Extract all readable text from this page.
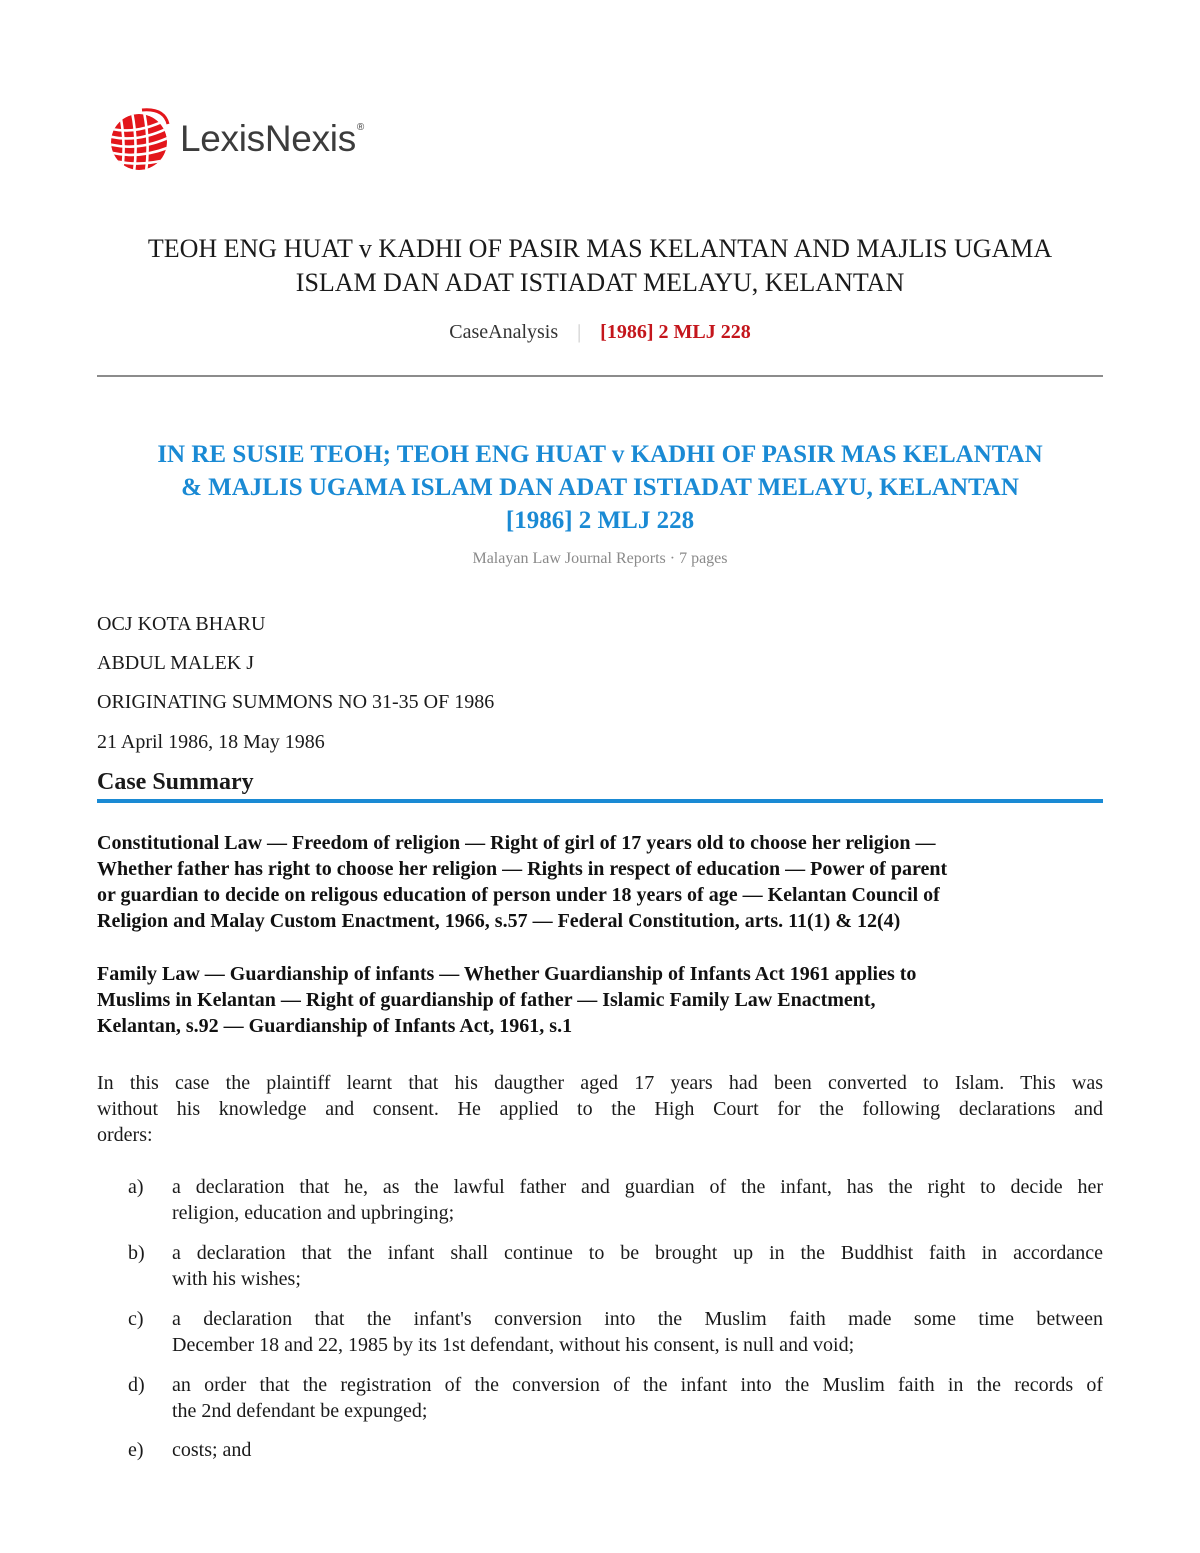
LexisNexis®
TEOH ENG HUAT v KADHI OF PASIR MAS KELANTAN AND MAJLIS UGAMA
ISLAM DAN ADAT ISTIADAT MELAYU, KELANTAN
CaseAnalysis | [1986] 2 MLJ 228
IN RE SUSIE TEOH; TEOH ENG HUAT v KADHI OF PASIR MAS KELANTAN
& MAJLIS UGAMA ISLAM DAN ADAT ISTIADAT MELAYU, KELANTAN
[1986] 2 MLJ 228
Malayan Law Journal Reports · 7 pages
OCJ KOTA BHARU
ABDUL MALEK J
ORIGINATING SUMMONS NO 31-35 OF 1986
21 April 1986, 18 May 1986
Case Summary
Constitutional Law — Freedom of religion — Right of girl of 17 years old to choose her religion —
Whether father has right to choose her religion — Rights in respect of education — Power of parent
or guardian to decide on religous education of person under 18 years of age — Kelantan Council of
Religion and Malay Custom Enactment, 1966, s.57 — Federal Constitution, arts. 11(1) & 12(4)
Family Law — Guardianship of infants — Whether Guardianship of Infants Act 1961 applies to
Muslims in Kelantan — Right of guardianship of father — Islamic Family Law Enactment,
Kelantan, s.92 — Guardianship of Infants Act, 1961, s.1
In this case the plaintiff learnt that his daugther aged 17 years had been converted to Islam. This was
without his knowledge and consent. He applied to the High Court for the following declarations and
orders:
a)	a declaration that he, as the lawful father and guardian of the infant, has the right to decide her
religion, education and upbringing;
b)	a declaration that the infant shall continue to be brought up in the Buddhist faith in accordance
with his wishes;
c)	a declaration that the infant's conversion into the Muslim faith made some time between
December 18 and 22, 1985 by its 1st defendant, without his consent, is null and void;
d)	an order that the registration of the conversion of the infant into the Muslim faith in the records of
the 2nd defendant be expunged;
e)	costs; and
